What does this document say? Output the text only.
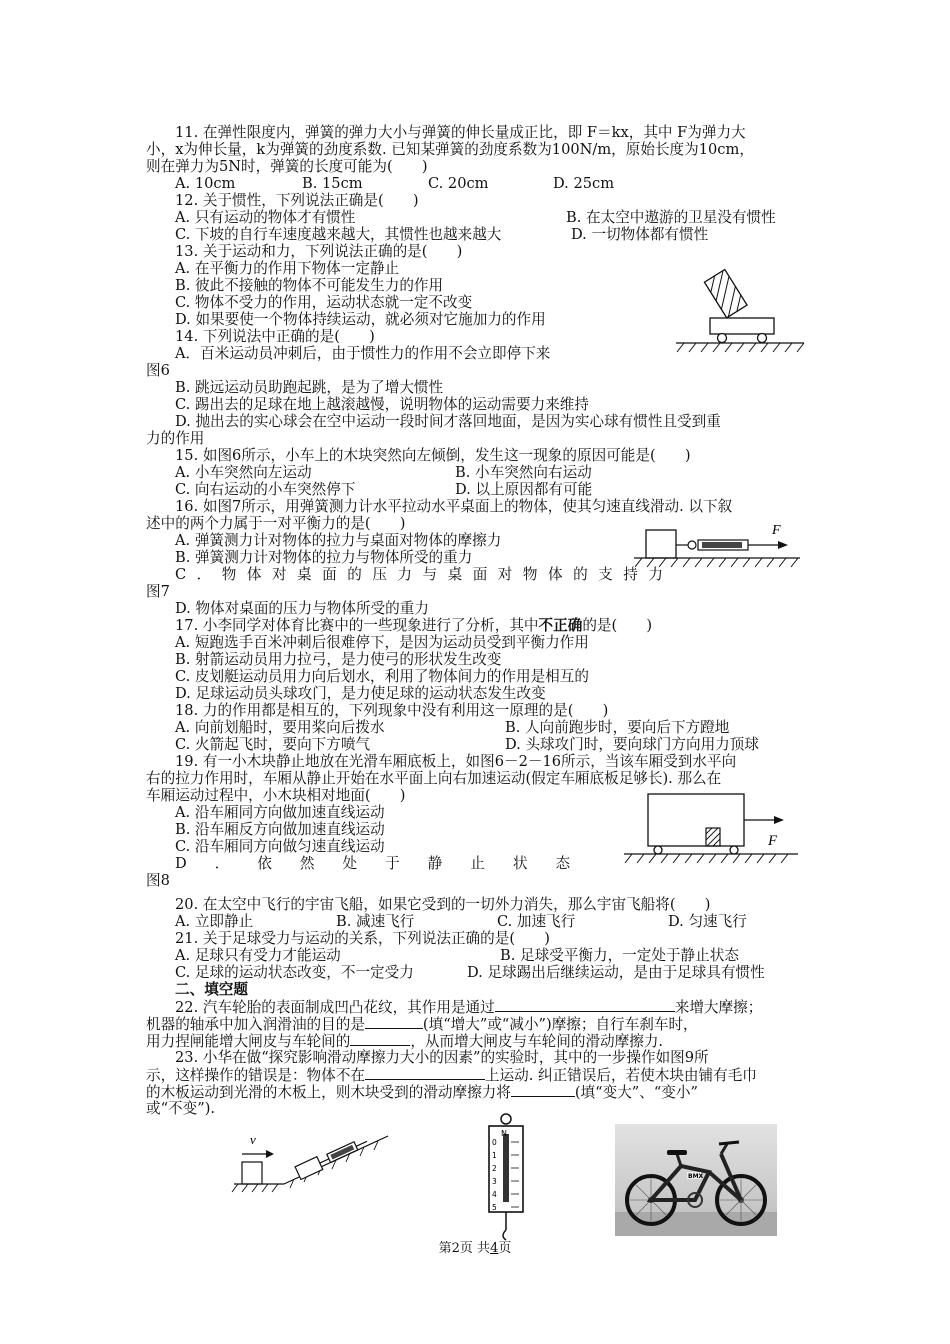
11. 在弹性限度内，弹簧的弹力大小与弹簧的伸长量成正比，即 F＝kx，其中 F为弹力大
小，x为伸长量，k为弹簧的劲度系数. 已知某弹簧的劲度系数为100N/m，原始长度为10cm，
则在弹力为5N时，弹簧的长度可能为(　　)
A. 10cm	B. 15cm	C. 20cm	D. 25cm
12. 关于惯性，下列说法正确是(　　)
A. 只有运动的物体才有惯性	B. 在太空中遨游的卫星没有惯性
C. 下坡的自行车速度越来越大，其惯性也越来越大	D. 一切物体都有惯性
13. 关于运动和力，下列说法正确的是(　　)
A. 在平衡力的作用下物体一定静止
B. 彼此不接触的物体不可能发生力的作用
C. 物体不受力的作用，运动状态就一定不改变
D. 如果要使一个物体持续运动，就必须对它施加力的作用
14. 下列说法中正确的是(　　)
A．百米运动员冲刺后，由于惯性力的作用不会立即停下来
图6
B. 跳远运动员助跑起跳，是为了增大惯性
C. 踢出去的足球在地上越滚越慢，说明物体的运动需要力来维持
D. 抛出去的实心球会在空中运动一段时间才落回地面，是因为实心球有惯性且受到重
力的作用
15. 如图6所示，小车上的木块突然向左倾倒，发生这一现象的原因可能是(　　)
A. 小车突然向左运动	B. 小车突然向右运动
C. 向右运动的小车突然停下	D. 以上原因都有可能
16. 如图7所示，用弹簧测力计水平拉动水平桌面上的物体，使其匀速直线滑动. 以下叙
述中的两个力属于一对平衡力的是(　　)
A. 弹簧测力计对物体的拉力与桌面对物体的摩擦力
B. 弹簧测力计对物体的拉力与物体所受的重力
C．物体对桌面的压力与桌面对物体的支持力
图7
D. 物体对桌面的压力与物体所受的重力
F
17. 小李同学对体育比赛中的一些现象进行了分析，其中不正确的是(　　)
A. 短跑选手百米冲刺后很难停下，是因为运动员受到平衡力作用
B. 射箭运动员用力拉弓，是力使弓的形状发生改变
C. 皮划艇运动员用力向后划水，利用了物体间力的作用是相互的
D. 足球运动员头球攻门，是力使足球的运动状态发生改变
18. 力的作用都是相互的，下列现象中没有利用这一原理的是(　　)
A. 向前划船时，要用桨向后拨水	B. 人向前跑步时，要向后下方蹬地
C. 火箭起飞时，要向下方喷气	D. 头球攻门时，要向球门方向用力顶球
19. 有一小木块静止地放在光滑车厢底板上，如图6－2－16所示，当该车厢受到水平向
右的拉力作用时，车厢从静止开始在水平面上向右加速运动(假定车厢底板足够长). 那么在
车厢运动过程中，小木块相对地面(　　)
A. 沿车厢同方向做加速直线运动
B. 沿车厢反方向做加速直线运动
C. 沿车厢同方向做匀速直线运动
D．依然处于静止状态
图8
F
20. 在太空中飞行的宇宙飞船，如果它受到的一切外力消失，那么宇宙飞船将(　　)
A. 立即静止	B. 减速飞行	C. 加速飞行	D. 匀速飞行
21. 关于足球受力与运动的关系，下列说法正确的是(　　)
A. 足球只有受力才能运动	B. 足球受平衡力，一定处于静止状态
C. 足球的运动状态改变，不一定受力	D. 足球踢出后继续运动，是由于足球具有惯性
二、填空题
22. 汽车轮胎的表面制成凹凸花纹，其作用是通过	来增大摩擦；
机器的轴承中加入润滑油的目的是	(填“增大”或“减小”)摩擦；自行车刹车时，
用力捏闸能增大闸皮与车轮间的	，从而增大闸皮与车轮间的滑动摩擦力.
23. 小华在做“探究影响滑动摩擦力大小的因素”的实验时，其中的一步操作如图9所
示，这样操作的错误是：物体不在	上运动. 纠正错误后，若使木块由铺有毛巾
的木板运动到光滑的木板上，则木块受到的滑动摩擦力将	(填“变大”、“变小”
或“不变”).
v	N
0
1
2
3
4
5
BMX
第2页 共4页
